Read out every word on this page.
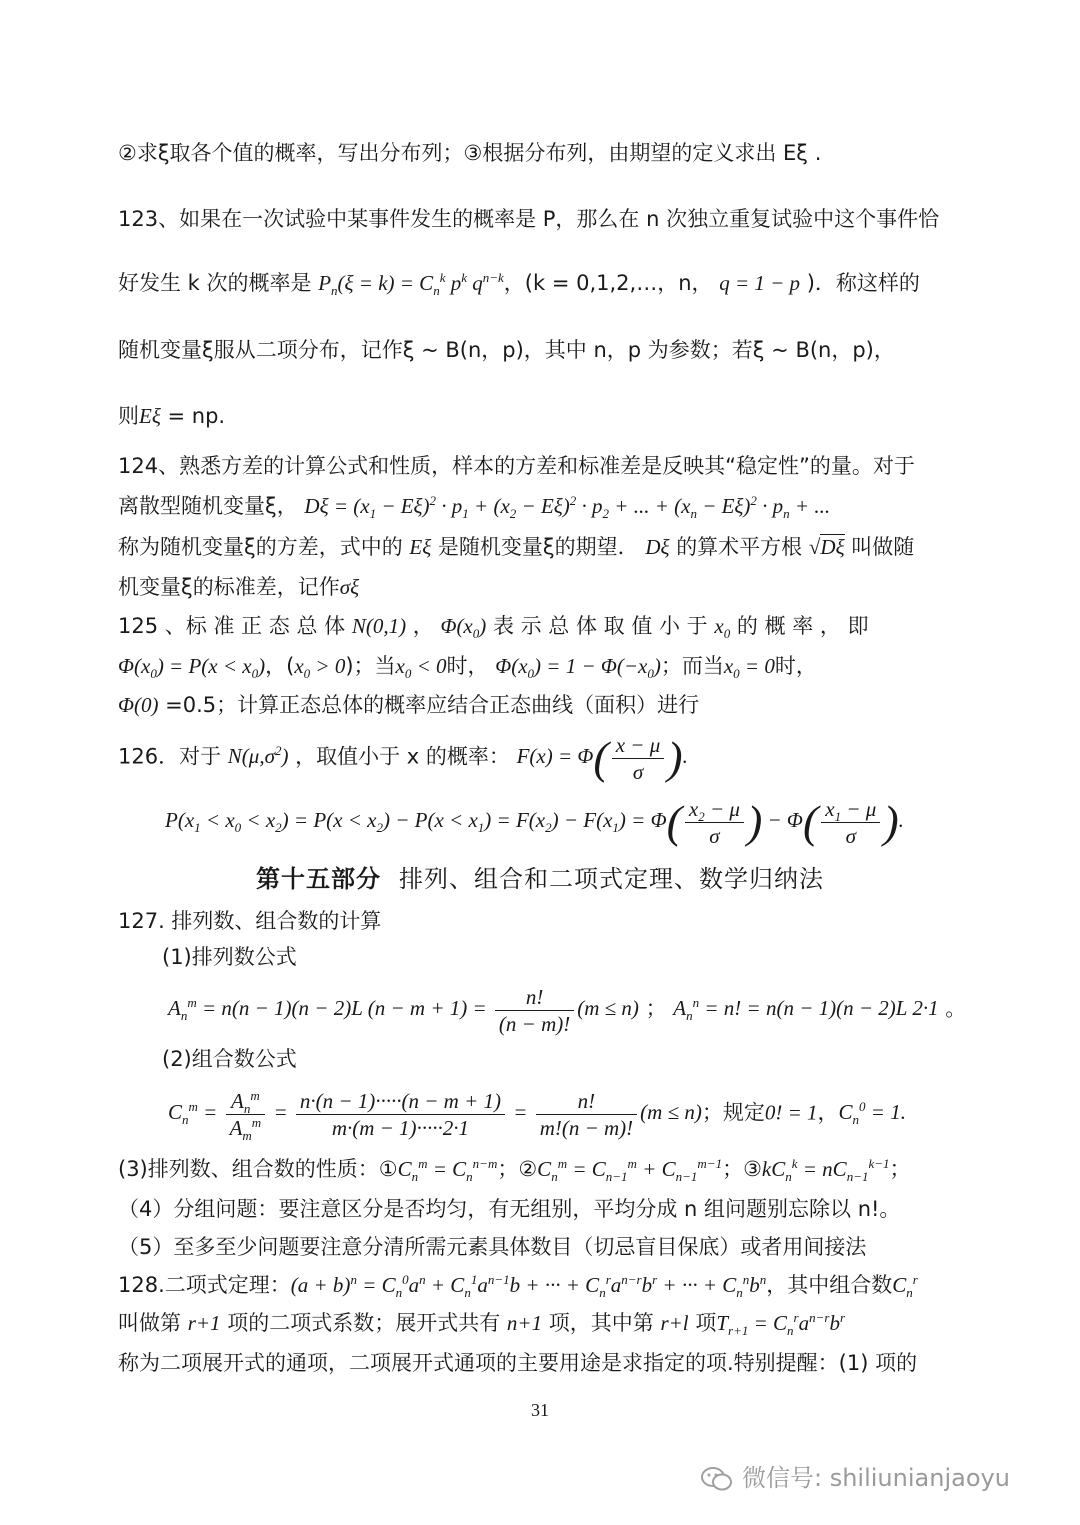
②求ξ取各个值的概率，写出分布列；③根据分布列，由期望的定义求出 Eξ .
123、如果在一次试验中某事件发生的概率是 P，那么在 n 次独立重复试验中这个事件恰
好发生 k 次的概率是 $P_n(\xi = k) = C_n^k$ $p^k$ $q^{n-k}$，(k = 0,1,2,…，n， q = 1 − p )．称这样的
随机变量ξ服从二项分布，记作ξ ~ B(n，p)，其中 n，p 为参数；若ξ ~ B(n，p)，
则Eξ = np.
124、熟悉方差的计算公式和性质，样本的方差和标准差是反映其“稳定性”的量。对于
离散型随机变量ξ， $D\xi = (x_1 - E\xi)^2 \cdot p_1 + (x_2 - E\xi)^2 \cdot p_2$ + ... + $(x_n - E\xi)^2 \cdot p_n$ + ...
称为随机变量ξ的方差，式中的 Eξ 是随机变量ξ的期望． Dξ 的算术平方根 √Dξ 叫做随
机变量ξ的标准差，记作σξ
125 、标 准 正 态 总 体 N(0,1) ， $\Phi(x_0)$ 表 示 总 体 取 值 小 于 $x_0$ 的 概 率 ， 即
$\Phi(x_0) = P(x < x_0)$，$(x_0 > 0)$；当$x_0 < 0$时， $\Phi(x_0) = 1 - \Phi(-x_0)$；而当$x_0 = 0$时，
Φ(0) =0.5；计算正态总体的概率应结合正态曲线（面积）进行
126．对于 $N(\mu,\sigma^2)$ ，取值小于 x 的概率： $F(x) = \Phi( \frac{x - \mu}{\sigma}$ ).
$P(x_1 < x_0 < x_2) = P(x < x_2) - P(x < x_1) = F(x_2) - F(x_1) = \Phi( \frac{x_2 - \mu}{\sigma}$ ) − $\Phi( \frac{x_1 - \mu}{\sigma}$ ).
第十五部分 排列、组合和二项式定理、数学归纳法
127. 排列数、组合数的计算
(1)排列数公式
$A_n^m = n(n - 1)(n - 2)L$ $(n - m + 1) = \frac{n!}{(n - m)!} (m \le n)$ ； $A_n^n = n$! = n(n − 1)(n − 2)L 2·1 。
(2)组合数公式
$C_n^m = \frac{A_n^m}{A_m^m} = \frac{n\cdot(n - 1)\cdot\cdot\cdot\cdot\cdot(n - m + 1)}{m\cdot(m - 1)\cdot\cdot\cdot\cdot\cdot 2\cdot 1} = \frac{n!}{m!(n - m)!} (m \le n)$；规定0! = 1，$C_n^0 = 1$.
(3)排列数、组合数的性质：$①C_n^m = C_n^{n-m}$；$②C_n^m = C_{n-1}^m + C_{n-1}^{m-1}$；$③kC_n^k = nC_{n-1}^{k-1}$；
（4）分组问题：要注意区分是否均匀，有无组别，平均分成 n 组问题别忘除以 n!。
（5）至多至少问题要注意分清所需元素具体数目（切忌盲目保底）或者用间接法
128.二项式定理：$(a + b)^n = C_n^0a^n + C_n^1a^{n-1}b$ + ··· + $C_n^ra^{n-r}b^r$ + ··· + $C_n^nb^n$，其中组合数$C_n^r$
叫做第 r+1 项的二项式系数；展开式共有 n+1 项，其中第 r+l 项$T_{r+1} = C_n^ra^{n-r}b^r$
称为二项展开式的通项，二项展开式通项的主要用途是求指定的项.特别提醒：(1) 项的
31
微信号: shiliunianjaoyu
